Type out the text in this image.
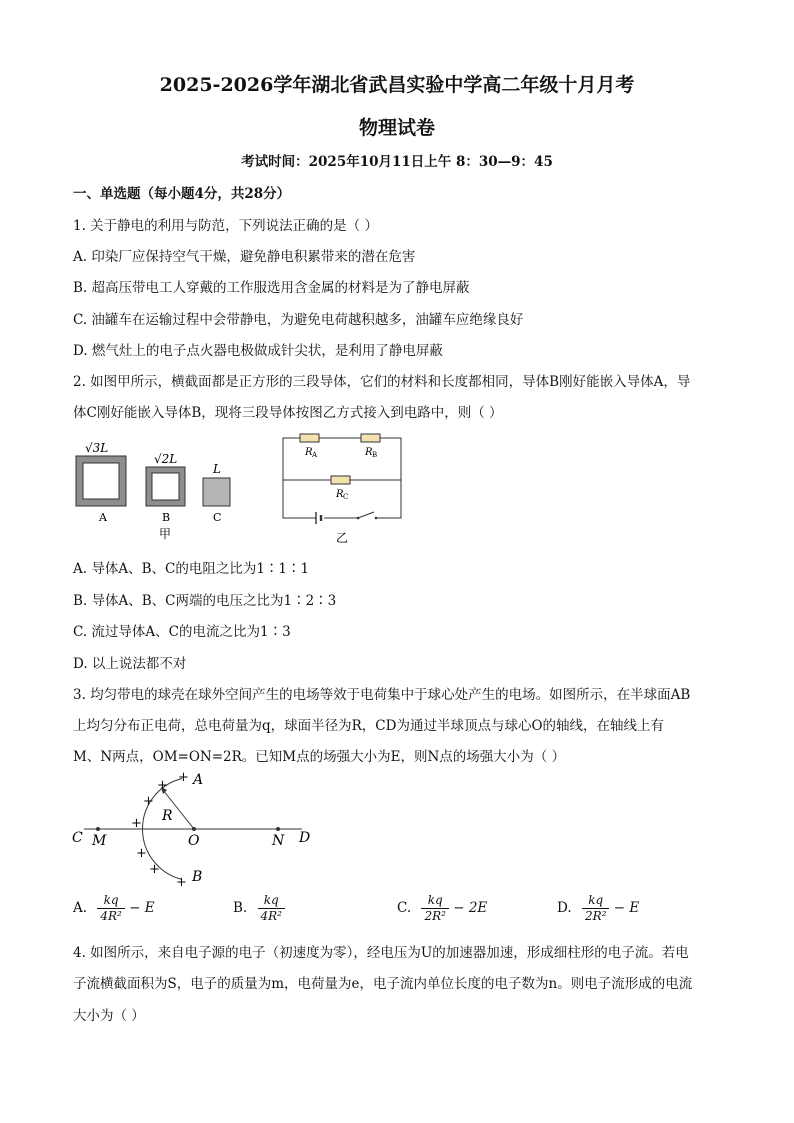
2025-2026学年湖北省武昌实验中学高二年级十月月考
物理试卷
考试时间：2025年10月11日上午 8：30—9：45
一、单选题（每小题4分，共28分）
1. 关于静电的利用与防范，下列说法正确的是（ ）
A. 印染厂应保持空气干燥，避免静电积累带来的潜在危害
B. 超高压带电工人穿戴的工作服选用含金属的材料是为了静电屏蔽
C. 油罐车在运输过程中会带静电，为避免电荷越积越多，油罐车应绝缘良好
D. 燃气灶上的电子点火器电极做成针尖状，是利用了静电屏蔽
2. 如图甲所示，横截面都是正方形的三段导体，它们的材料和长度都相同，导体B刚好能嵌入导体A，导
体C刚好能嵌入导体B，现将三段导体按图乙方式接入到电路中，则（ ）
√3L
A
√2L
B
L
C
甲
R A	R B
R C
乙
A. 导体A、B、C的电阻之比为1∶1∶1
B. 导体A、B、C两端的电压之比为1∶2∶3
C. 流过导体A、C的电流之比为1∶3
D. 以上说法都不对
3. 均匀带电的球壳在球外空间产生的电场等效于电荷集中于球心处产生的电场。如图所示，在半球面AB
上均匀分布正电荷，总电荷量为q，球面半径为R，CD为通过半球顶点与球心O的轴线，在轴线上有
M、N两点，OM=ON=2R。已知M点的场强大小为E，则N点的场强大小为（ ）
+
+
+
+
+
+
+
A
B
C	D
M	O	N
R
A. $\frac{kq}{\text{4R²}} - E$	B. $\frac{kq}{\text{4R²}}$	C. $\frac{kq}{\text{2R²}} - 2E$	D. $\frac{kq}{\text{2R²}} - E$
4. 如图所示，来自电子源的电子（初速度为零），经电压为U的加速器加速，形成细柱形的电子流。若电
子流横截面积为S，电子的质量为m，电荷量为e，电子流内单位长度的电子数为n。则电子流形成的电流
大小为（ ）
